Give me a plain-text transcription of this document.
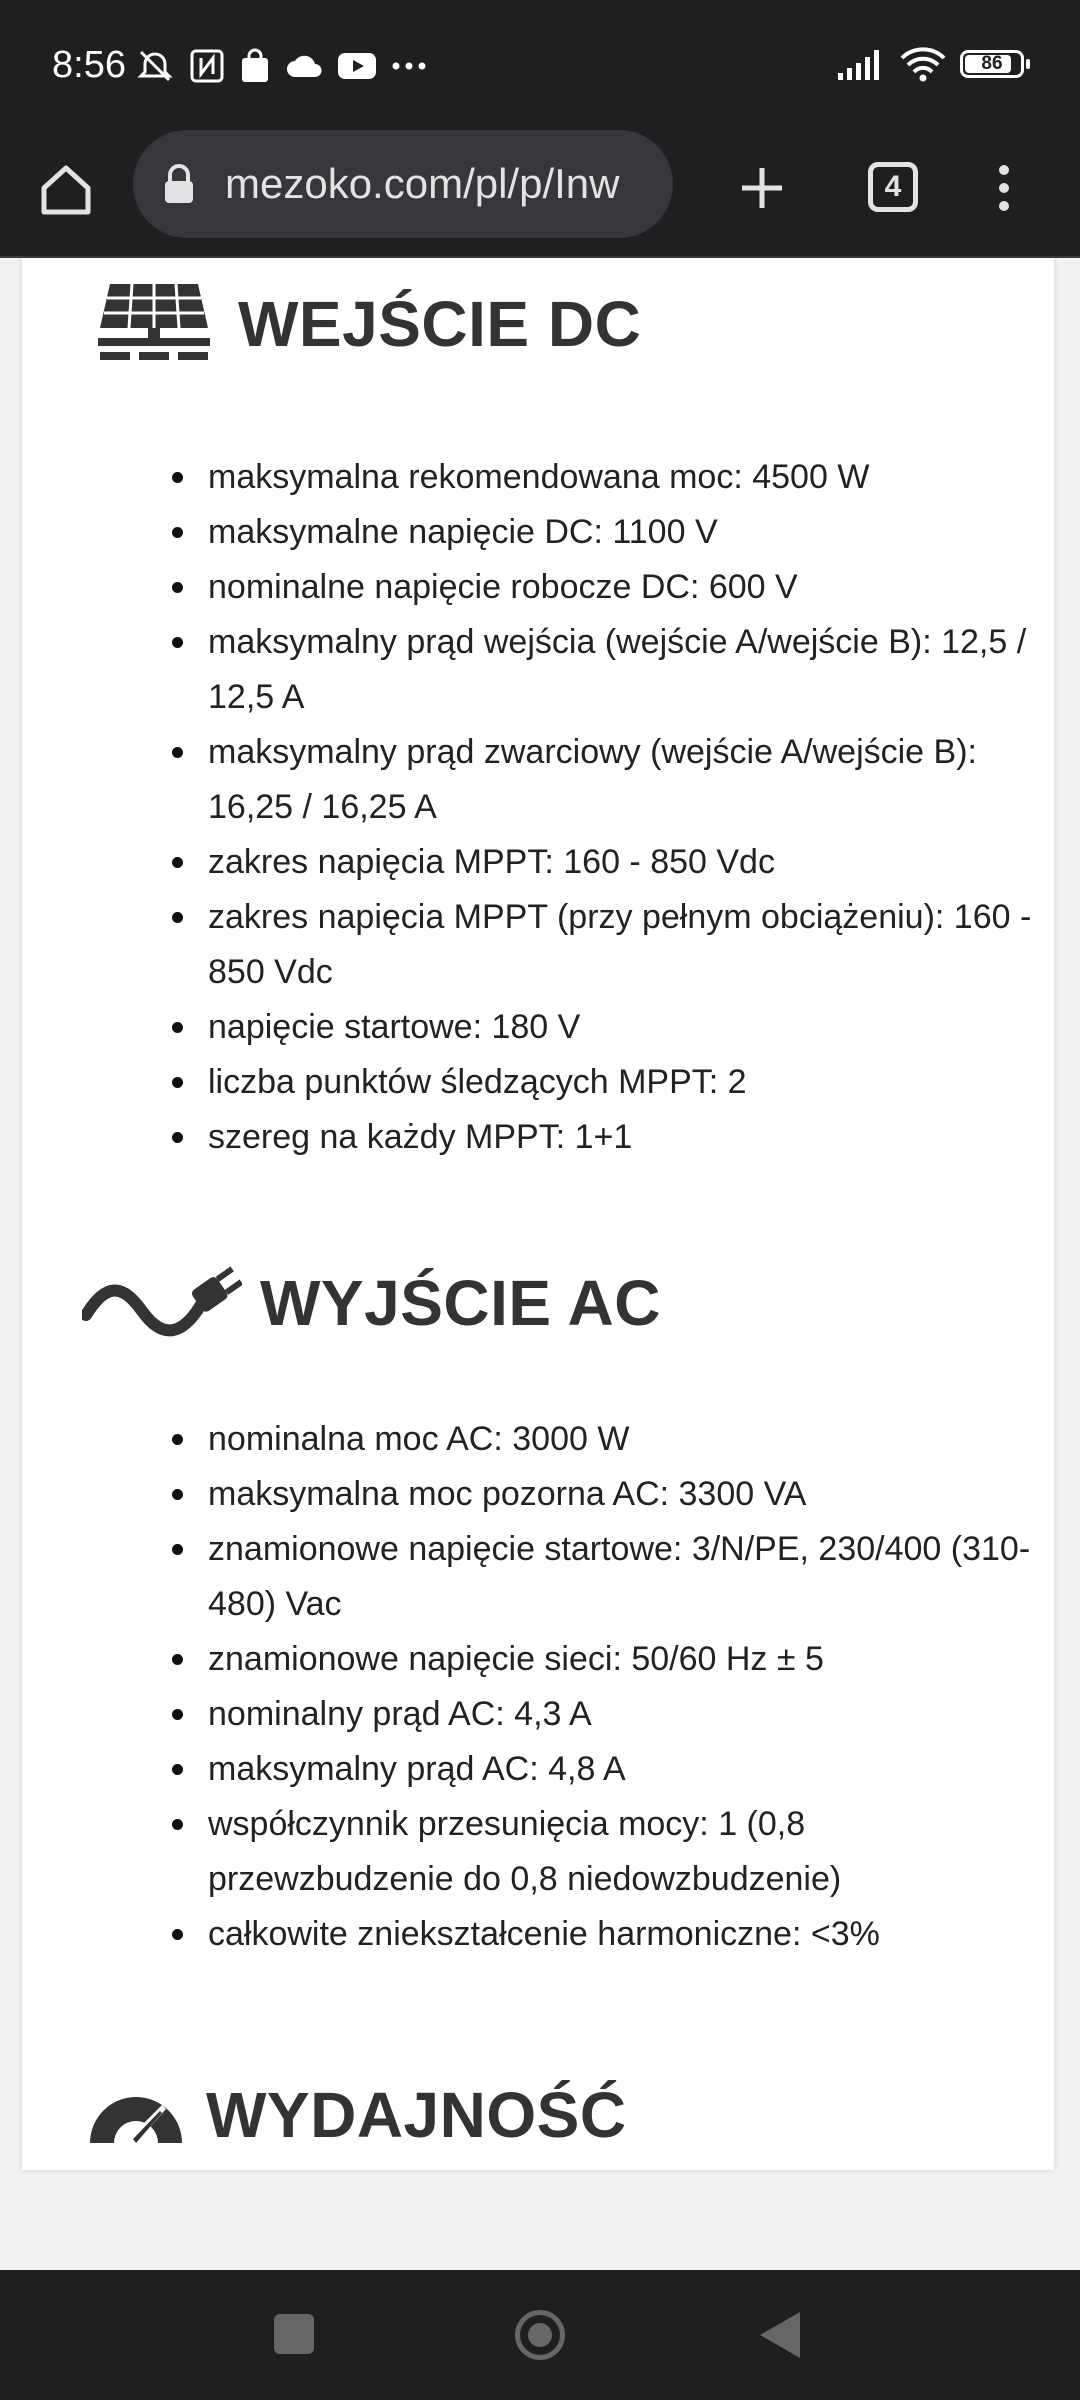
8:56	86
mezoko.com/pl/p/Inw	4
WEJŚCIE DC
maksymalna rekomendowana moc: 4500 W
maksymalne napięcie DC: 1100 V
nominalne napięcie robocze DC: 600 V
maksymalny prąd wejścia (wejście A/wejście B): 12,5 / 12,5 A
maksymalny prąd zwarciowy (wejście A/wejście B): 16,25 / 16,25 A
zakres napięcia MPPT: 160 - 850 Vdc
zakres napięcia MPPT (przy pełnym obciążeniu): 160 - 850 Vdc
napięcie startowe: 180 V
liczba punktów śledzących MPPT: 2
szereg na każdy MPPT: 1+1
WYJŚCIE AC
nominalna moc AC: 3000 W
maksymalna moc pozorna AC: 3300 VA
znamionowe napięcie startowe: 3/N/PE, 230/400 (310-480) Vac
znamionowe napięcie sieci: 50/60 Hz ± 5
nominalny prąd AC: 4,3 A
maksymalny prąd AC: 4,8 A
współczynnik przesunięcia mocy: 1 (0,8 przewzbudzenie do 0,8 niedowzbudzenie)
całkowite zniekształcenie harmoniczne: <3%
WYDAJNOŚĆ
